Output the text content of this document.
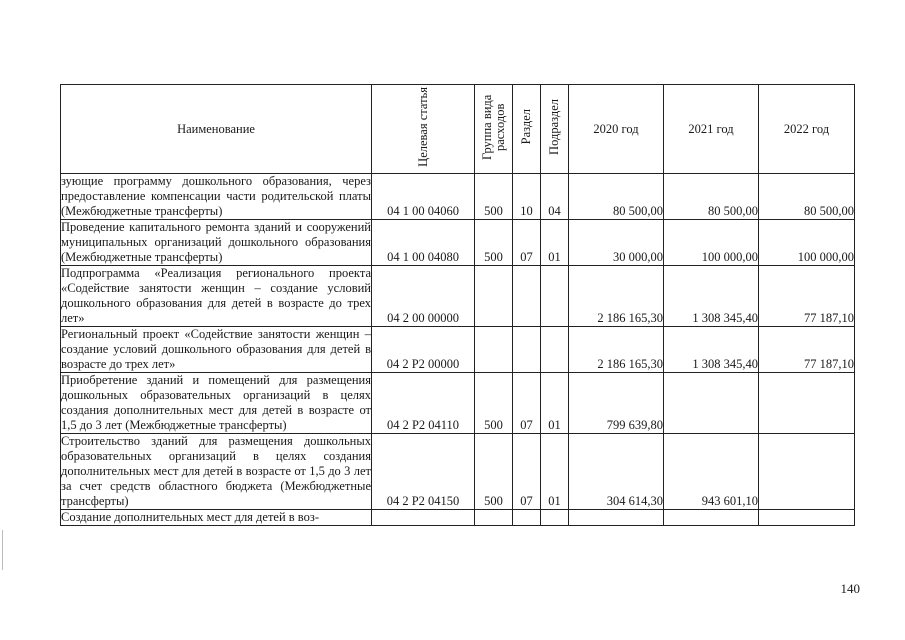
Наименование	Целевая статья	Группа вида расходов	Раздел	Подраздел	2020 год	2021 год	2022 год
зующие программу дошкольного образования, через предоставление компенсации части родительской платы (Межбюджетные трансферты)	04 1 00 04060	500	10	04	80 500,00	80 500,00	80 500,00
Проведение капитального ремонта зданий и сооружений муниципальных организаций дошкольного образования (Межбюджетные трансферты)	04 1 00 04080	500	07	01	30 000,00	100 000,00	100 000,00
Подпрограмма «Реализация регионального проекта «Содействие занятости женщин – создание условий дошкольного образования для детей в возрасте до трех лет»	04 2 00 00000				2 186 165,30	1 308 345,40	77 187,10
Региональный проект «Содействие занятости женщин – создание условий дошкольного образования для детей в возрасте до трех лет»	04 2 P2 00000				2 186 165,30	1 308 345,40	77 187,10
Приобретение зданий и помещений для размещения дошкольных образовательных организаций в целях создания дополнительных мест для детей в возрасте от 1,5 до 3 лет (Межбюджетные трансферты)	04 2 P2 04110	500	07	01	799 639,80		
Строительство зданий для размещения дошкольных образовательных организаций в целях создания дополнительных мест для детей в возрасте от 1,5 до 3 лет за счет средств областного бюджета (Межбюджетные трансферты)	04 2 P2 04150	500	07	01	304 614,30	943 601,10	
Создание дополнительных мест для детей в воз-							
140
